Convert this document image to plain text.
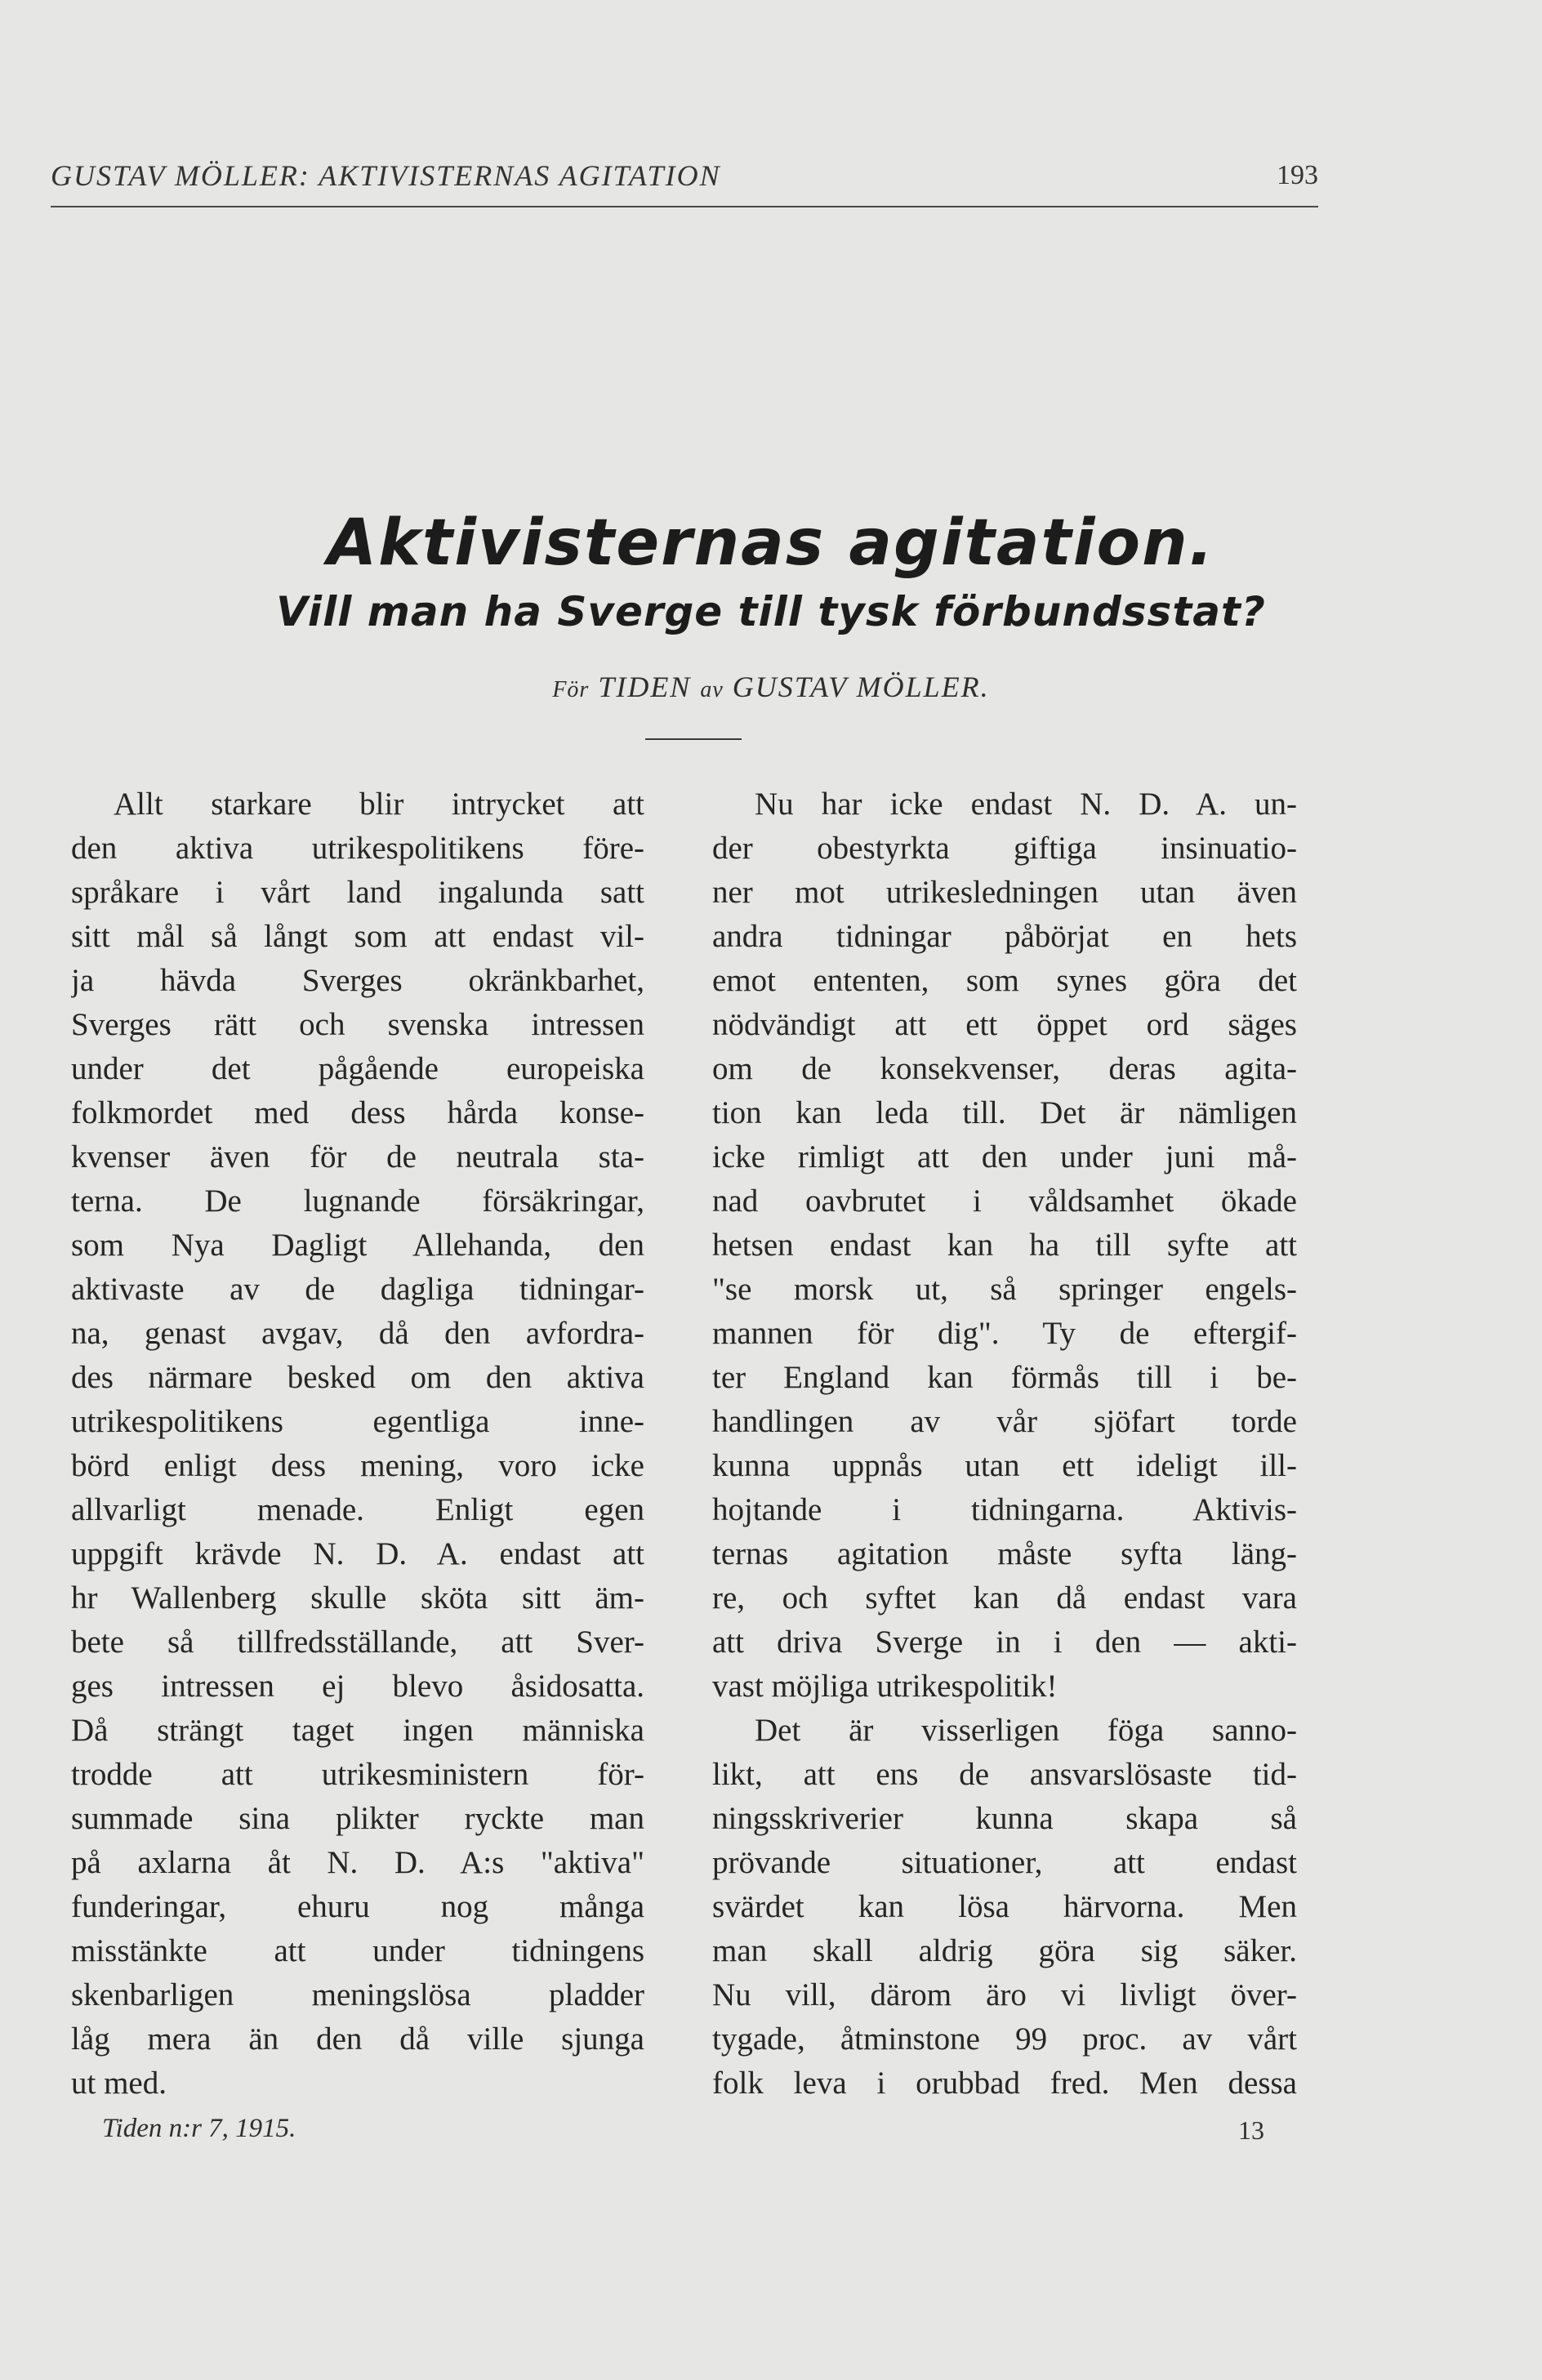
GUSTAV MÖLLER: AKTIVISTERNAS AGITATION	193
Aktivisternas agitation.
Vill man ha Sverge till tysk förbundsstat?
För TIDEN av GUSTAV MÖLLER.
Allt starkare blir intrycket att
den aktiva utrikespolitikens före-
språkare i vårt land ingalunda satt
sitt mål så långt som att endast vil-
ja hävda Sverges okränkbarhet,
Sverges rätt och svenska intressen
under det pågående europeiska
folkmordet med dess hårda konse-
kvenser även för de neutrala sta-
terna. De lugnande försäkringar,
som Nya Dagligt Allehanda, den
aktivaste av de dagliga tidningar-
na, genast avgav, då den avfordra-
des närmare besked om den aktiva
utrikespolitikens egentliga inne-
börd enligt dess mening, voro icke
allvarligt menade. Enligt egen
uppgift krävde N. D. A. endast att
hr Wallenberg skulle sköta sitt äm-
bete så tillfredsställande, att Sver-
ges intressen ej blevo åsidosatta.
Då strängt taget ingen människa
trodde att utrikesministern för-
summade sina plikter ryckte man
på axlarna åt N. D. A:s "aktiva"
funderingar, ehuru nog många
misstänkte att under tidningens
skenbarligen meningslösa pladder
låg mera än den då ville sjunga
ut med.
Nu har icke endast N. D. A. un-
der obestyrkta giftiga insinuatio-
ner mot utrikesledningen utan även
andra tidningar påbörjat en hets
emot ententen, som synes göra det
nödvändigt att ett öppet ord säges
om de konsekvenser, deras agita-
tion kan leda till. Det är nämligen
icke rimligt att den under juni må-
nad oavbrutet i våldsamhet ökade
hetsen endast kan ha till syfte att
"se morsk ut, så springer engels-
mannen för dig". Ty de eftergif-
ter England kan förmås till i be-
handlingen av vår sjöfart torde
kunna uppnås utan ett ideligt ill-
hojtande i tidningarna. Aktivis-
ternas agitation måste syfta läng-
re, och syftet kan då endast vara
att driva Sverge in i den — akti-
vast möjliga utrikespolitik!
Det är visserligen föga sanno-
likt, att ens de ansvarslösaste tid-
ningsskriverier kunna skapa så
prövande situationer, att endast
svärdet kan lösa härvorna. Men
man skall aldrig göra sig säker.
Nu vill, därom äro vi livligt över-
tygade, åtminstone 99 proc. av vårt
folk leva i orubbad fred. Men dessa
Tiden n:r 7, 1915.	13
